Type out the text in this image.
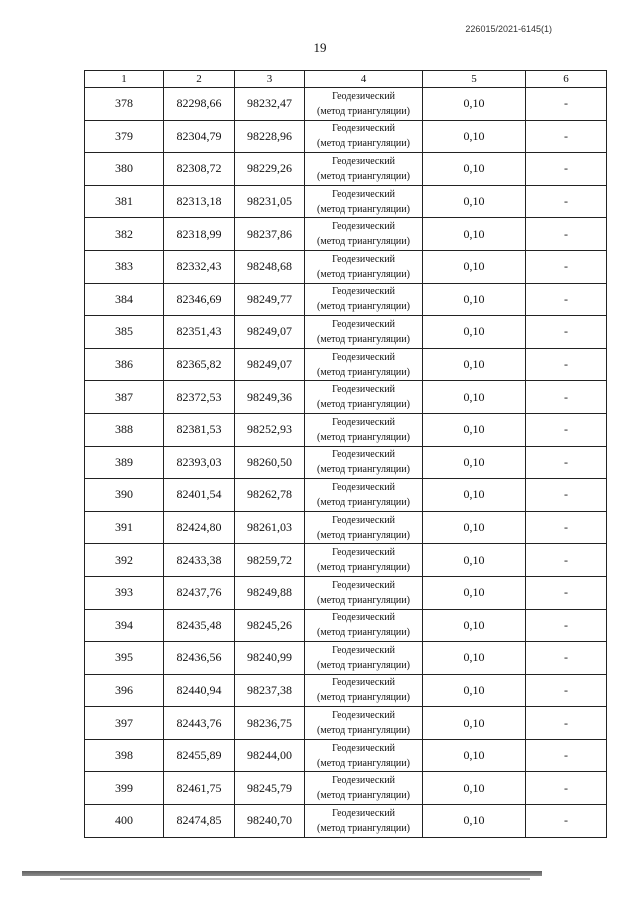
226015/2021-6145(1)
19
1	2	3	4	5	6
378	82298,66	98232,47	Геодезический
(метод триангуляции)	0,10	-
379	82304,79	98228,96	Геодезический
(метод триангуляции)	0,10	-
380	82308,72	98229,26	Геодезический
(метод триангуляции)	0,10	-
381	82313,18	98231,05	Геодезический
(метод триангуляции)	0,10	-
382	82318,99	98237,86	Геодезический
(метод триангуляции)	0,10	-
383	82332,43	98248,68	Геодезический
(метод триангуляции)	0,10	-
384	82346,69	98249,77	Геодезический
(метод триангуляции)	0,10	-
385	82351,43	98249,07	Геодезический
(метод триангуляции)	0,10	-
386	82365,82	98249,07	Геодезический
(метод триангуляции)	0,10	-
387	82372,53	98249,36	Геодезический
(метод триангуляции)	0,10	-
388	82381,53	98252,93	Геодезический
(метод триангуляции)	0,10	-
389	82393,03	98260,50	Геодезический
(метод триангуляции)	0,10	-
390	82401,54	98262,78	Геодезический
(метод триангуляции)	0,10	-
391	82424,80	98261,03	Геодезический
(метод триангуляции)	0,10	-
392	82433,38	98259,72	Геодезический
(метод триангуляции)	0,10	-
393	82437,76	98249,88	Геодезический
(метод триангуляции)	0,10	-
394	82435,48	98245,26	Геодезический
(метод триангуляции)	0,10	-
395	82436,56	98240,99	Геодезический
(метод триангуляции)	0,10	-
396	82440,94	98237,38	Геодезический
(метод триангуляции)	0,10	-
397	82443,76	98236,75	Геодезический
(метод триангуляции)	0,10	-
398	82455,89	98244,00	Геодезический
(метод триангуляции)	0,10	-
399	82461,75	98245,79	Геодезический
(метод триангуляции)	0,10	-
400	82474,85	98240,70	Геодезический
(метод триангуляции)	0,10	-
